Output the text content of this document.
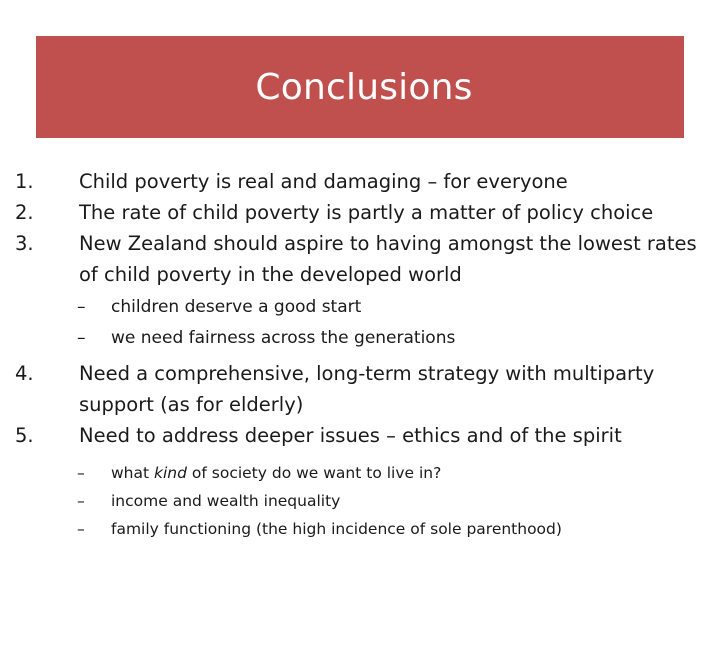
Conclusions
1. Child poverty is real and damaging – for everyone
2. The rate of child poverty is partly a matter of policy choice
3. New Zealand should aspire to having amongst the lowest rates
of child poverty in the developed world
– children deserve a good start
– we need fairness across the generations
4. Need a comprehensive, long-term strategy with multiparty
support (as for elderly)
5. Need to address deeper issues – ethics and of the spirit
– what kind of society do we want to live in?
– income and wealth inequality
– family functioning (the high incidence of sole parenthood)
